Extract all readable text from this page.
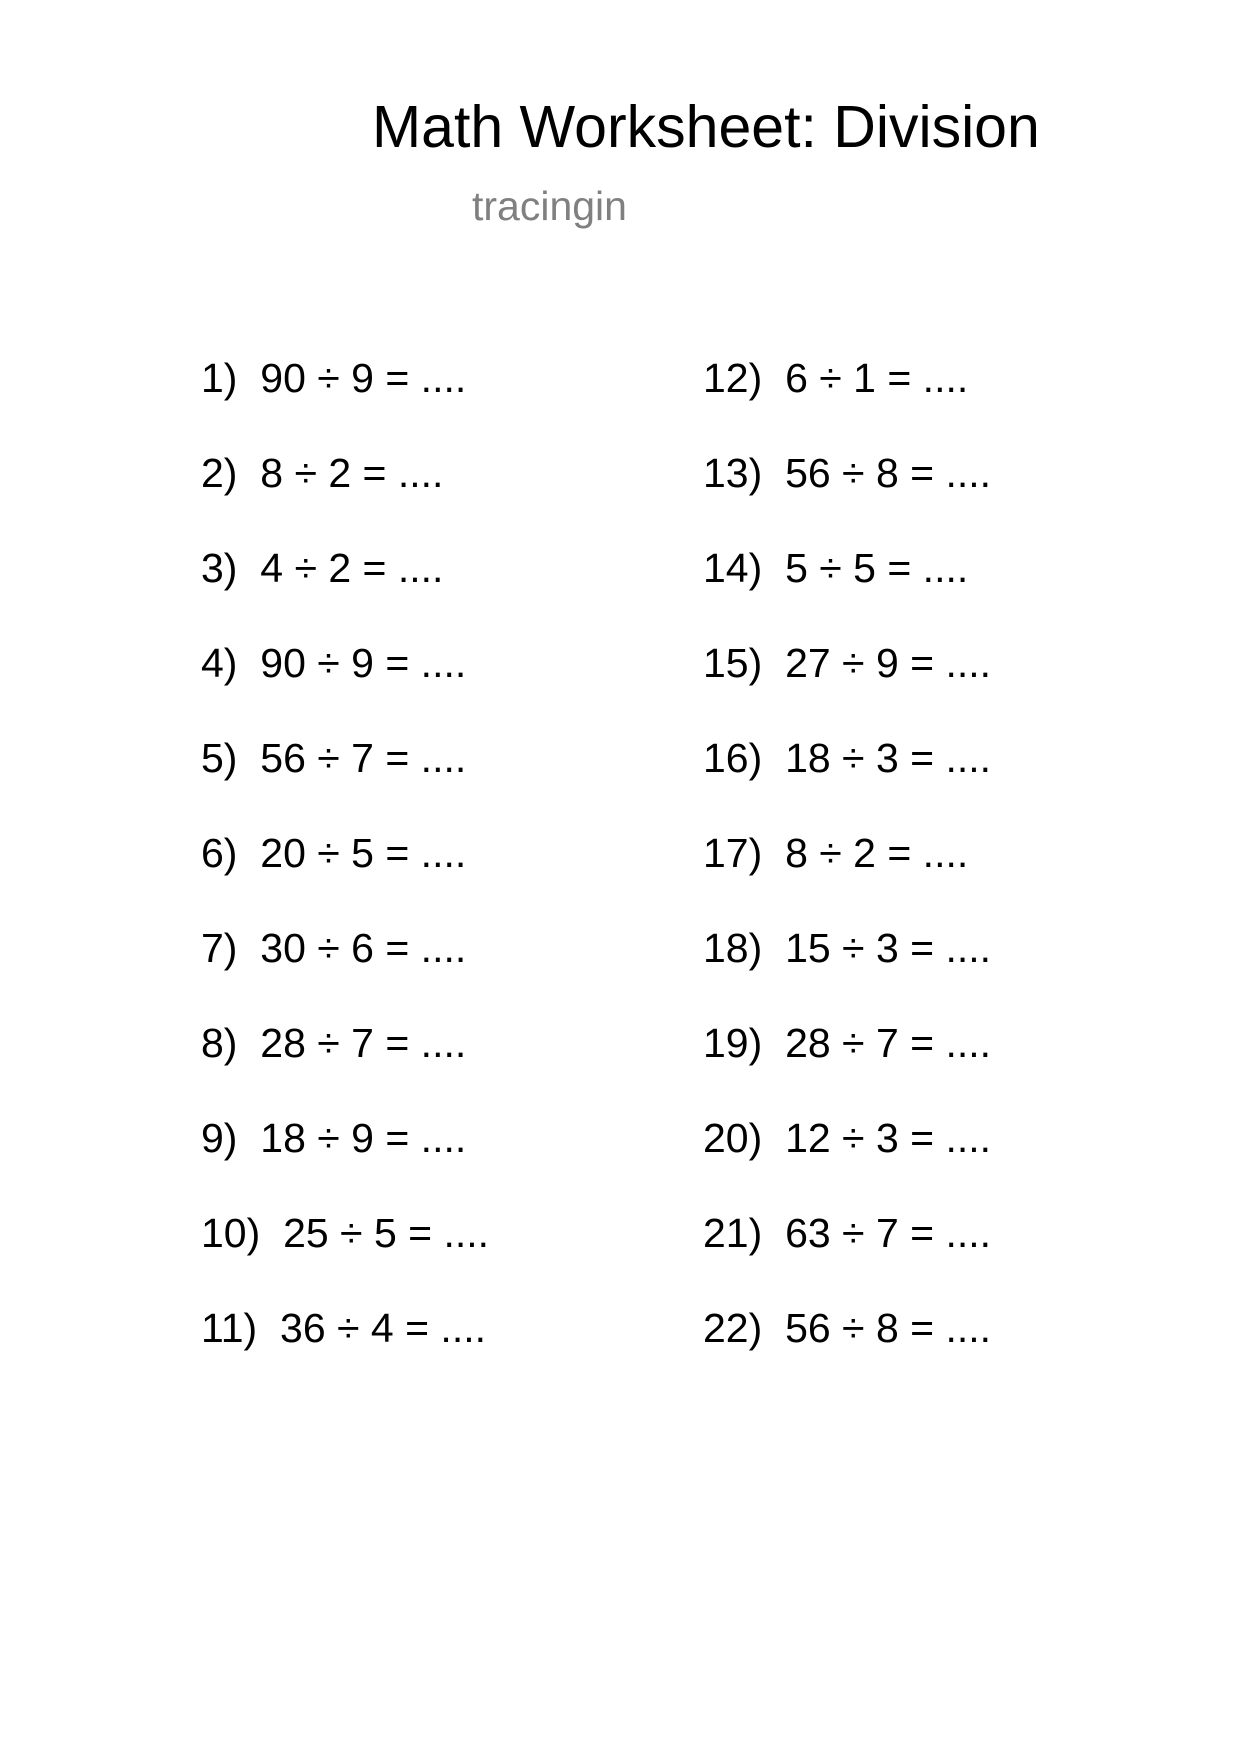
Math Worksheet: Division
tracingin
1) 90 ÷ 9 = ....
2) 8 ÷ 2 = ....
3) 4 ÷ 2 = ....
4) 90 ÷ 9 = ....
5) 56 ÷ 7 = ....
6) 20 ÷ 5 = ....
7) 30 ÷ 6 = ....
8) 28 ÷ 7 = ....
9) 18 ÷ 9 = ....
10) 25 ÷ 5 = ....
11) 36 ÷ 4 = ....
12) 6 ÷ 1 = ....
13) 56 ÷ 8 = ....
14) 5 ÷ 5 = ....
15) 27 ÷ 9 = ....
16) 18 ÷ 3 = ....
17) 8 ÷ 2 = ....
18) 15 ÷ 3 = ....
19) 28 ÷ 7 = ....
20) 12 ÷ 3 = ....
21) 63 ÷ 7 = ....
22) 56 ÷ 8 = ....
